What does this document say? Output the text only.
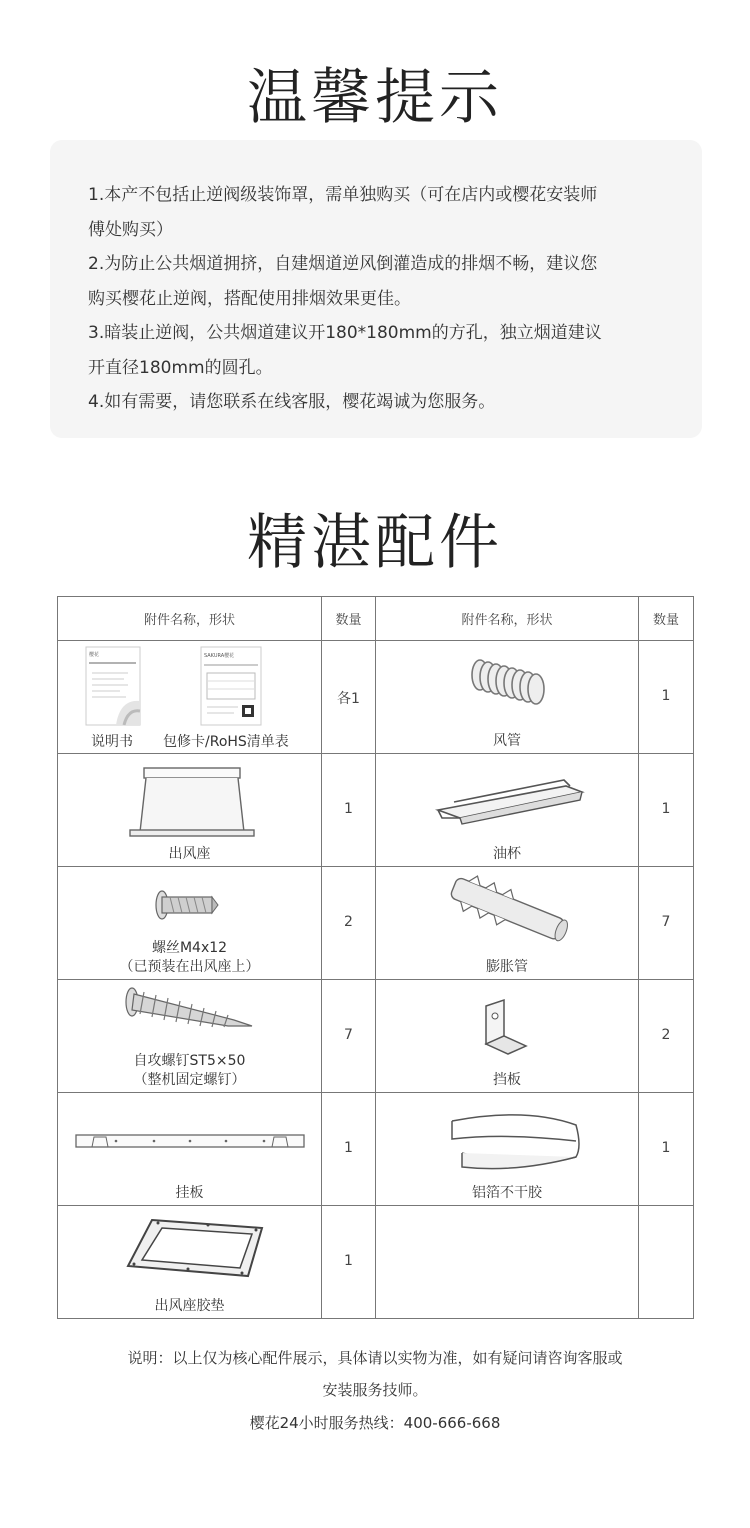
温馨提示
1.本产不包括止逆阀级装饰罩，需单独购买（可在店内或樱花安装师
傅处购买）
2.为防止公共烟道拥挤，自建烟道逆风倒灌造成的排烟不畅，建议您
购买樱花止逆阀，搭配使用排烟效果更佳。
3.暗装止逆阀，公共烟道建议开180*180mm的方孔，独立烟道建议
开直径180mm的圆孔。
4.如有需要，请您联系在线客服，樱花竭诚为您服务。
精湛配件
附件名称，形状	数量	附件名称，形状	数量

樱花 SAKURA樱花
说明书 包修卡/RoHS清单表	各1	风管	1

出风座	1	油杯	1

螺丝M4x12
（已预装在出风座上）	2	膨胀管	7

自攻螺钉ST5×50
（整机固定螺钉）	7	挡板	2

挂板	1	铝箔不干胶	1

出风座胶垫	1		

说明：以上仅为核心配件展示，具体请以实物为准，如有疑问请咨询客服或
安装服务技师。
樱花24小时服务热线：400-666-668
